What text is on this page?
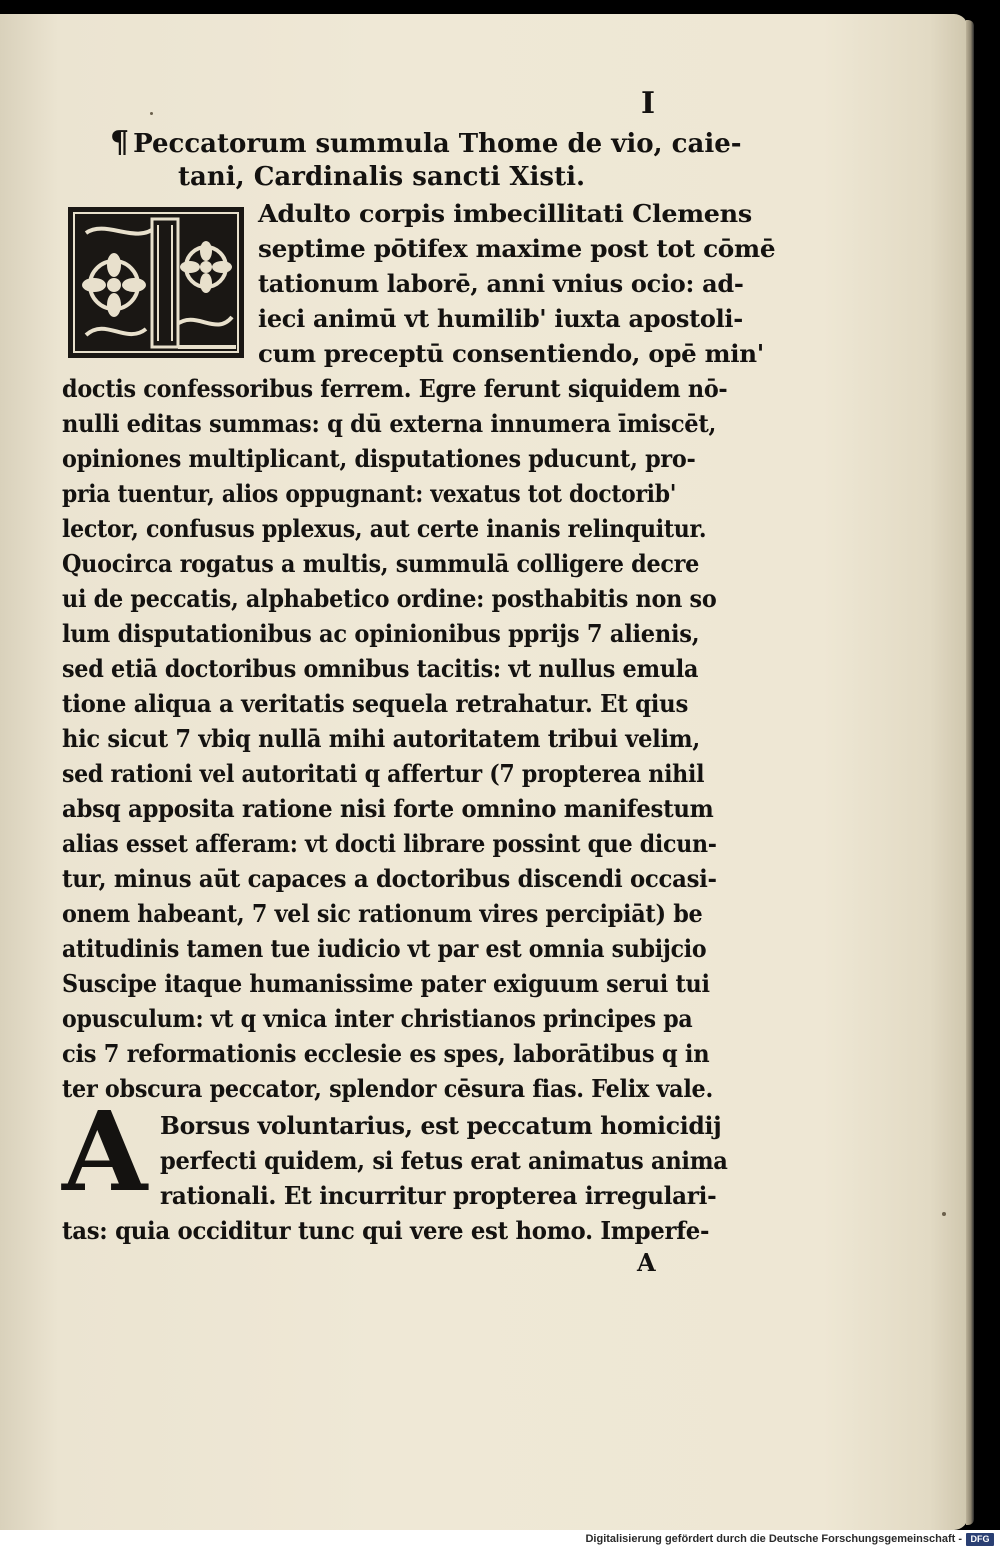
I
¶ Peccatorum summula Thome de vio, caie-
tani, Cardinalis sancti Xisti.
Adulto corpis imbecillitati Clemens
septime pōtifex maxime post tot cōmē
tationum laborē, anni vnius ocio: ad-
ieci animū vt humilib' iuxta apostoli-
cum preceptū consentiendo, opē min'
doctis confessoribus ferrem. Egre ferunt siquidem nō-
nulli editas summas: q dū externa innumera īmiscēt,
opiniones multiplicant, disputationes pducunt, pro-
pria tuentur, alios oppugnant: vexatus tot doctorib'
lector, confusus pplexus, aut certe inanis relinquitur.
Quocirca rogatus a multis, summulā colligere decre
ui de peccatis, alphabetico ordine: posthabitis non so
lum disputationibus ac opinionibus pprijs 7 alienis,
sed etiā doctoribus omnibus tacitis: vt nullus emula
tione aliqua a veritatis sequela retrahatur. Et qius
hic sicut 7 vbiq nullā mihi autoritatem tribui velim,
sed rationi vel autoritati q affertur (7 propterea nihil
absq apposita ratione nisi forte omnino manifestum
alias esset afferam: vt docti librare possint que dicun-
tur, minus aūt capaces a doctoribus discendi occasi-
onem habeant, 7 vel sic rationum vires percipiāt) be
atitudinis tamen tue iudicio vt par est omnia subijcio
Suscipe itaque humanissime pater exiguum serui tui
opusculum: vt q vnica inter christianos principes pa
cis 7 reformationis ecclesie es spes, laborātibus q in
ter obscura peccator, splendor cēsura fias. Felix vale.
A Borsus voluntarius, est peccatum homicidij
perfecti quidem, si fetus erat animatus anima
rationali. Et incurritur propterea irregulari-
tas: quia occiditur tunc qui vere est homo. Imperfe-
A
Digitalisierung gefördert durch die Deutsche Forschungsgemeinschaft - DFG
